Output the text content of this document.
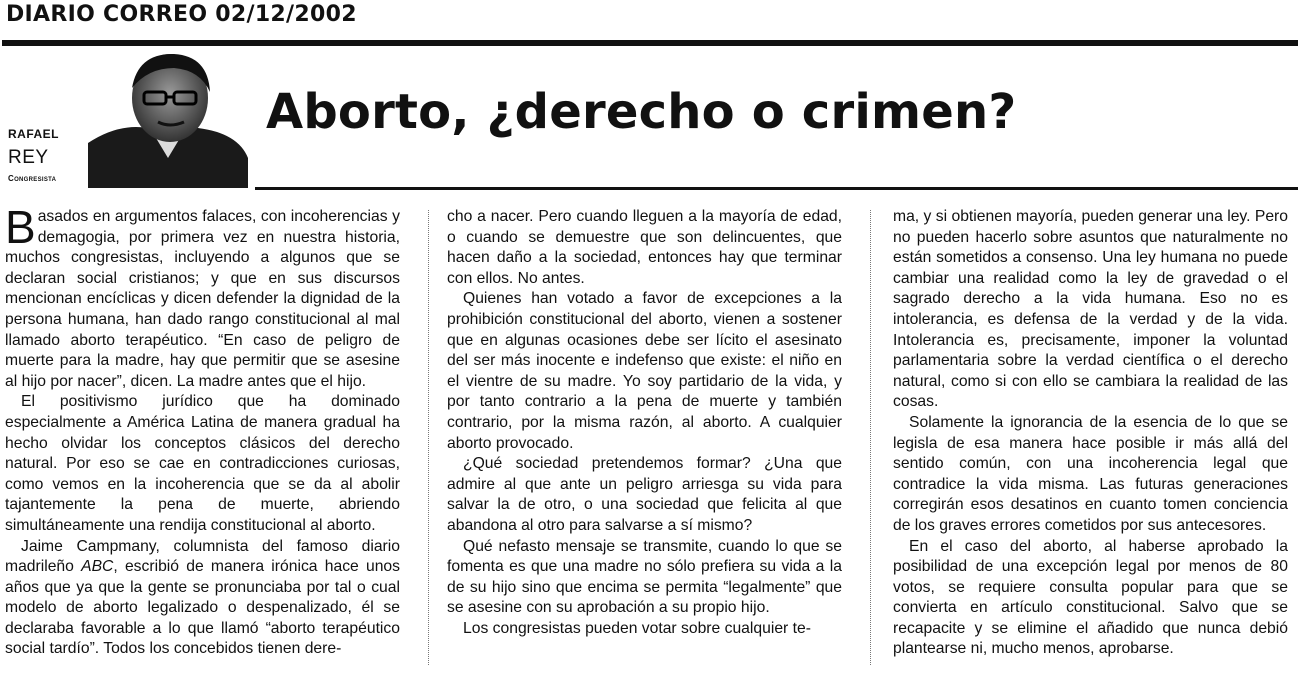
DIARIO CORREO 02/12/2002
RAFAEL
REY
Congresista
Aborto, ¿derecho o crimen?

Basados en argumentos falaces, con incoherencias y demagogia, por primera vez en nuestra historia, muchos congresistas, incluyendo a algunos que se declaran social cristianos; y que en sus discursos mencionan encíclicas y dicen defender la dignidad de la persona humana, han dado rango constitucional al mal llamado aborto terapéutico. “En caso de peligro de muerte para la madre, hay que permitir que se asesine al hijo por nacer”, dicen. La madre antes que el hijo.

El positivismo jurídico que ha dominado especialmente a América Latina de manera gradual ha hecho olvidar los conceptos clásicos del derecho natural. Por eso se cae en contradicciones curiosas, como vemos en la incoherencia que se da al abolir tajantemente la pena de muerte, abriendo simultáneamente una rendija constitucional al aborto.

Jaime Campmany, columnista del famoso diario madrileño ABC, escribió de manera irónica hace unos años que ya que la gente se pronunciaba por tal o cual modelo de aborto legalizado o despenalizado, él se declaraba favorable a lo que llamó “aborto terapéutico social tardío”. Todos los concebidos tienen dere-

cho a nacer. Pero cuando lleguen a la mayoría de edad, o cuando se demuestre que son delincuentes, que hacen daño a la sociedad, entonces hay que terminar con ellos. No antes.

Quienes han votado a favor de excepciones a la prohibición constitucional del aborto, vienen a sostener que en algunas ocasiones debe ser lícito el asesinato del ser más inocente e indefenso que existe: el niño en el vientre de su madre. Yo soy partidario de la vida, y por tanto contrario a la pena de muerte y también contrario, por la misma razón, al aborto. A cualquier aborto provocado.

¿Qué sociedad pretendemos formar? ¿Una que admire al que ante un peligro arriesga su vida para salvar la de otro, o una sociedad que felicita al que abandona al otro para salvarse a sí mismo?

Qué nefasto mensaje se transmite, cuando lo que se fomenta es que una madre no sólo prefiera su vida a la de su hijo sino que encima se permita “legalmente” que se asesine con su aprobación a su propio hijo.

Los congresistas pueden votar sobre cualquier te-

ma, y si obtienen mayoría, pueden generar una ley. Pero no pueden hacerlo sobre asuntos que naturalmente no están sometidos a consenso. Una ley humana no puede cambiar una realidad como la ley de gravedad o el sagrado derecho a la vida humana. Eso no es intolerancia, es defensa de la verdad y de la vida. Intolerancia es, precisamente, imponer la voluntad parlamentaria sobre la verdad científica o el derecho natural, como si con ello se cambiara la realidad de las cosas.

Solamente la ignorancia de la esencia de lo que se legisla de esa manera hace posible ir más allá del sentido común, con una incoherencia legal que contradice la vida misma. Las futuras generaciones corregirán esos desatinos en cuanto tomen conciencia de los graves errores cometidos por sus antecesores.

En el caso del aborto, al haberse aprobado la posibilidad de una excepción legal por menos de 80 votos, se requiere consulta popular para que se convierta en artículo constitucional. Salvo que se recapacite y se elimine el añadido que nunca debió plantearse ni, mucho menos, aprobarse.
